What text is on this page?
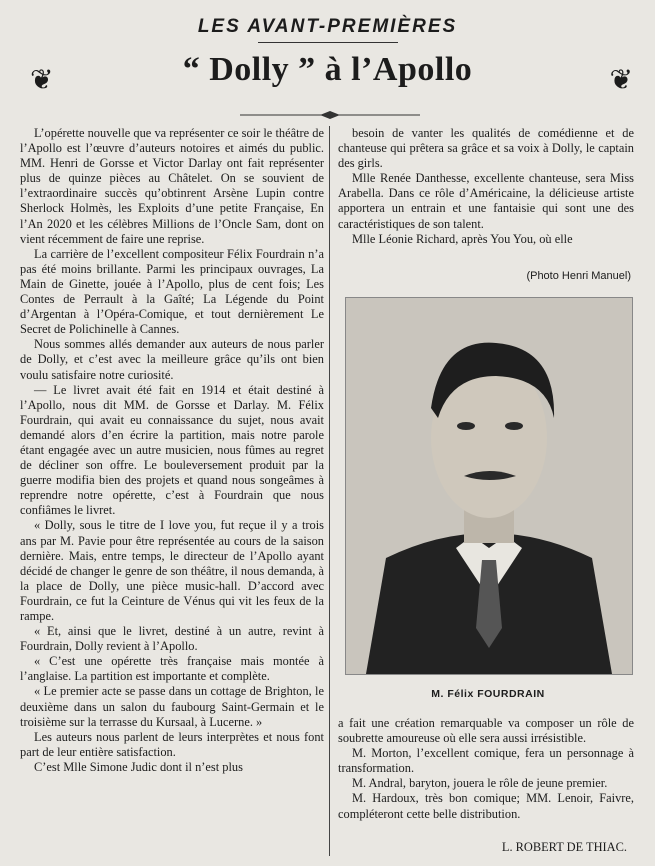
LES AVANT-PREMIÈRES
“ Dolly ” à l’Apollo
❦	❦

L’opérette nouvelle que va représenter ce soir le théâtre de l’Apollo est l’œuvre d’auteurs notoires et aimés du public. MM. Henri de Gorsse et Victor Darlay ont fait représenter plus de quinze pièces au Châtelet. On se souvient de l’extraordinaire succès qu’obtinrent Arsène Lupin contre Sherlock Holmès, les Exploits d’une petite Française, En l’An 2020 et les célèbres Millions de l’Oncle Sam, dont on vient récemment de faire une reprise.

La carrière de l’excellent compositeur Félix Fourdrain n’a pas été moins brillante. Parmi les principaux ouvrages, La Main de Ginette, jouée à l’Apollo, plus de cent fois; Les Contes de Perrault à la Gaîté; La Légende du Point d’Argentan à l’Opéra-Comique, et tout dernièrement Le Secret de Polichinelle à Cannes.

Nous sommes allés demander aux auteurs de nous parler de Dolly, et c’est avec la meilleure grâce qu’ils ont bien voulu satisfaire notre curiosité.

— Le livret avait été fait en 1914 et était destiné à l’Apollo, nous dit MM. de Gorsse et Darlay. M. Félix Fourdrain, qui avait eu connaissance du sujet, nous avait demandé alors d’en écrire la partition, mais notre parole étant engagée avec un autre musicien, nous fûmes au regret de décliner son offre. Le bouleversement produit par la guerre modifia bien des projets et quand nous songeâmes à reprendre notre opérette, c’est à Fourdrain que nous confiâmes le livret.

« Dolly, sous le titre de I love you, fut reçue il y a trois ans par M. Pavie pour être représentée au cours de la saison dernière. Mais, entre temps, le directeur de l’Apollo ayant décidé de changer le genre de son théâtre, il nous demanda, à la place de Dolly, une pièce music-hall. D’accord avec Fourdrain, ce fut la Ceinture de Vénus qui vit les feux de la rampe.

« Et, ainsi que le livret, destiné à un autre, revint à Fourdrain, Dolly revient à l’Apollo.

« C’est une opérette très française mais montée à l’anglaise. La partition est importante et complète.

« Le premier acte se passe dans un cottage de Brighton, le deuxième dans un salon du faubourg Saint-Germain et le troisième sur la terrasse du Kursaal, à Lucerne. »

Les auteurs nous parlent de leurs interprètes et nous font part de leur entière satisfaction.

C’est Mlle Simone Judic dont il n’est plus

besoin de vanter les qualités de comédienne et de chanteuse qui prêtera sa grâce et sa voix à Dolly, le captain des girls.

Mlle Renée Danthesse, excellente chanteuse, sera Miss Arabella. Dans ce rôle d’Américaine, la délicieuse artiste apportera un entrain et une fantaisie qui sont une des caractéristiques de son talent.

Mlle Léonie Richard, après You You, où elle

(Photo Henri Manuel)
M. Félix FOURDRAIN

a fait une création remarquable va composer un rôle de soubrette amoureuse où elle sera aussi irrésistible.

M. Morton, l’excellent comique, fera un personnage à transformation.

M. Andral, baryton, jouera le rôle de jeune premier.

M. Hardoux, très bon comique; MM. Lenoir, Faivre, compléteront cette belle distribution.

L. ROBERT DE THIAC.
